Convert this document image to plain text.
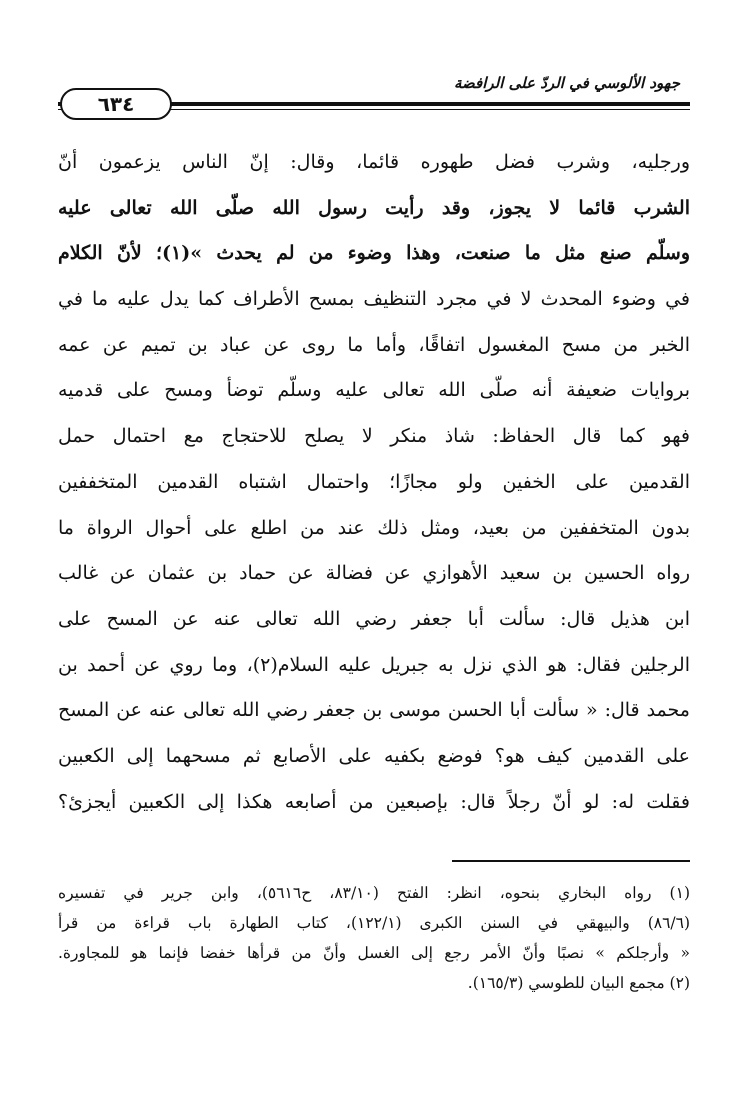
جهود الألوسي في الردّ على الرافضة
٦٣٤
ورجليه، وشرب فضل طهوره قائما، وقال: إنّ الناس يزعمون أنّ
الشرب قائما لا يجوز، وقد رأيت رسول الله صلّى الله تعالى عليه
وسلّم صنع مثل ما صنعت، وهذا وضوء من لم يحدث »(١)؛ لأنّ الكلام
في وضوء المحدث لا في مجرد التنظيف بمسح الأطراف كما يدل عليه ما في
الخبر من مسح المغسول اتفاقًا، وأما ما روى عن عباد بن تميم عن عمه
بروايات ضعيفة أنه صلّى الله تعالى عليه وسلّم توضأ ومسح على قدميه
فهو كما قال الحفاظ: شاذ منكر لا يصلح للاحتجاج مع احتمال حمل
القدمين على الخفين ولو مجازًا؛ واحتمال اشتباه القدمين المتخففين
بدون المتخففين من بعيد، ومثل ذلك عند من اطلع على أحوال الرواة ما
رواه الحسين بن سعيد الأهوازي عن فضالة عن حماد بن عثمان عن غالب
ابن هذيل قال: سألت أبا جعفر رضي الله تعالى عنه عن المسح على
الرجلين فقال: هو الذي نزل به جبريل عليه السلام(٢)، وما روي عن أحمد بن
محمد قال: « سألت أبا الحسن موسى بن جعفر رضي الله تعالى عنه عن المسح
على القدمين كيف هو؟ فوضع بكفيه على الأصابع ثم مسحهما إلى الكعبين
فقلت له: لو أنّ رجلاً قال: بإصبعين من أصابعه هكذا إلى الكعبين أيجزئ؟
(١) رواه البخاري بنحوه، انظر: الفتح (٨٣/١٠، ح٥٦١٦)، وابن جرير في تفسيره
(٨٦/٦) والبيهقي في السنن الكبرى (١٢٢/١)، كتاب الطهارة باب قراءة من قرأ
« وأرجلكم » نصبًا وأنّ الأمر رجع إلى الغسل وأنّ من قرأها خفضا فإنما هو للمجاورة.
(٢) مجمع البيان للطوسي (١٦٥/٣).
